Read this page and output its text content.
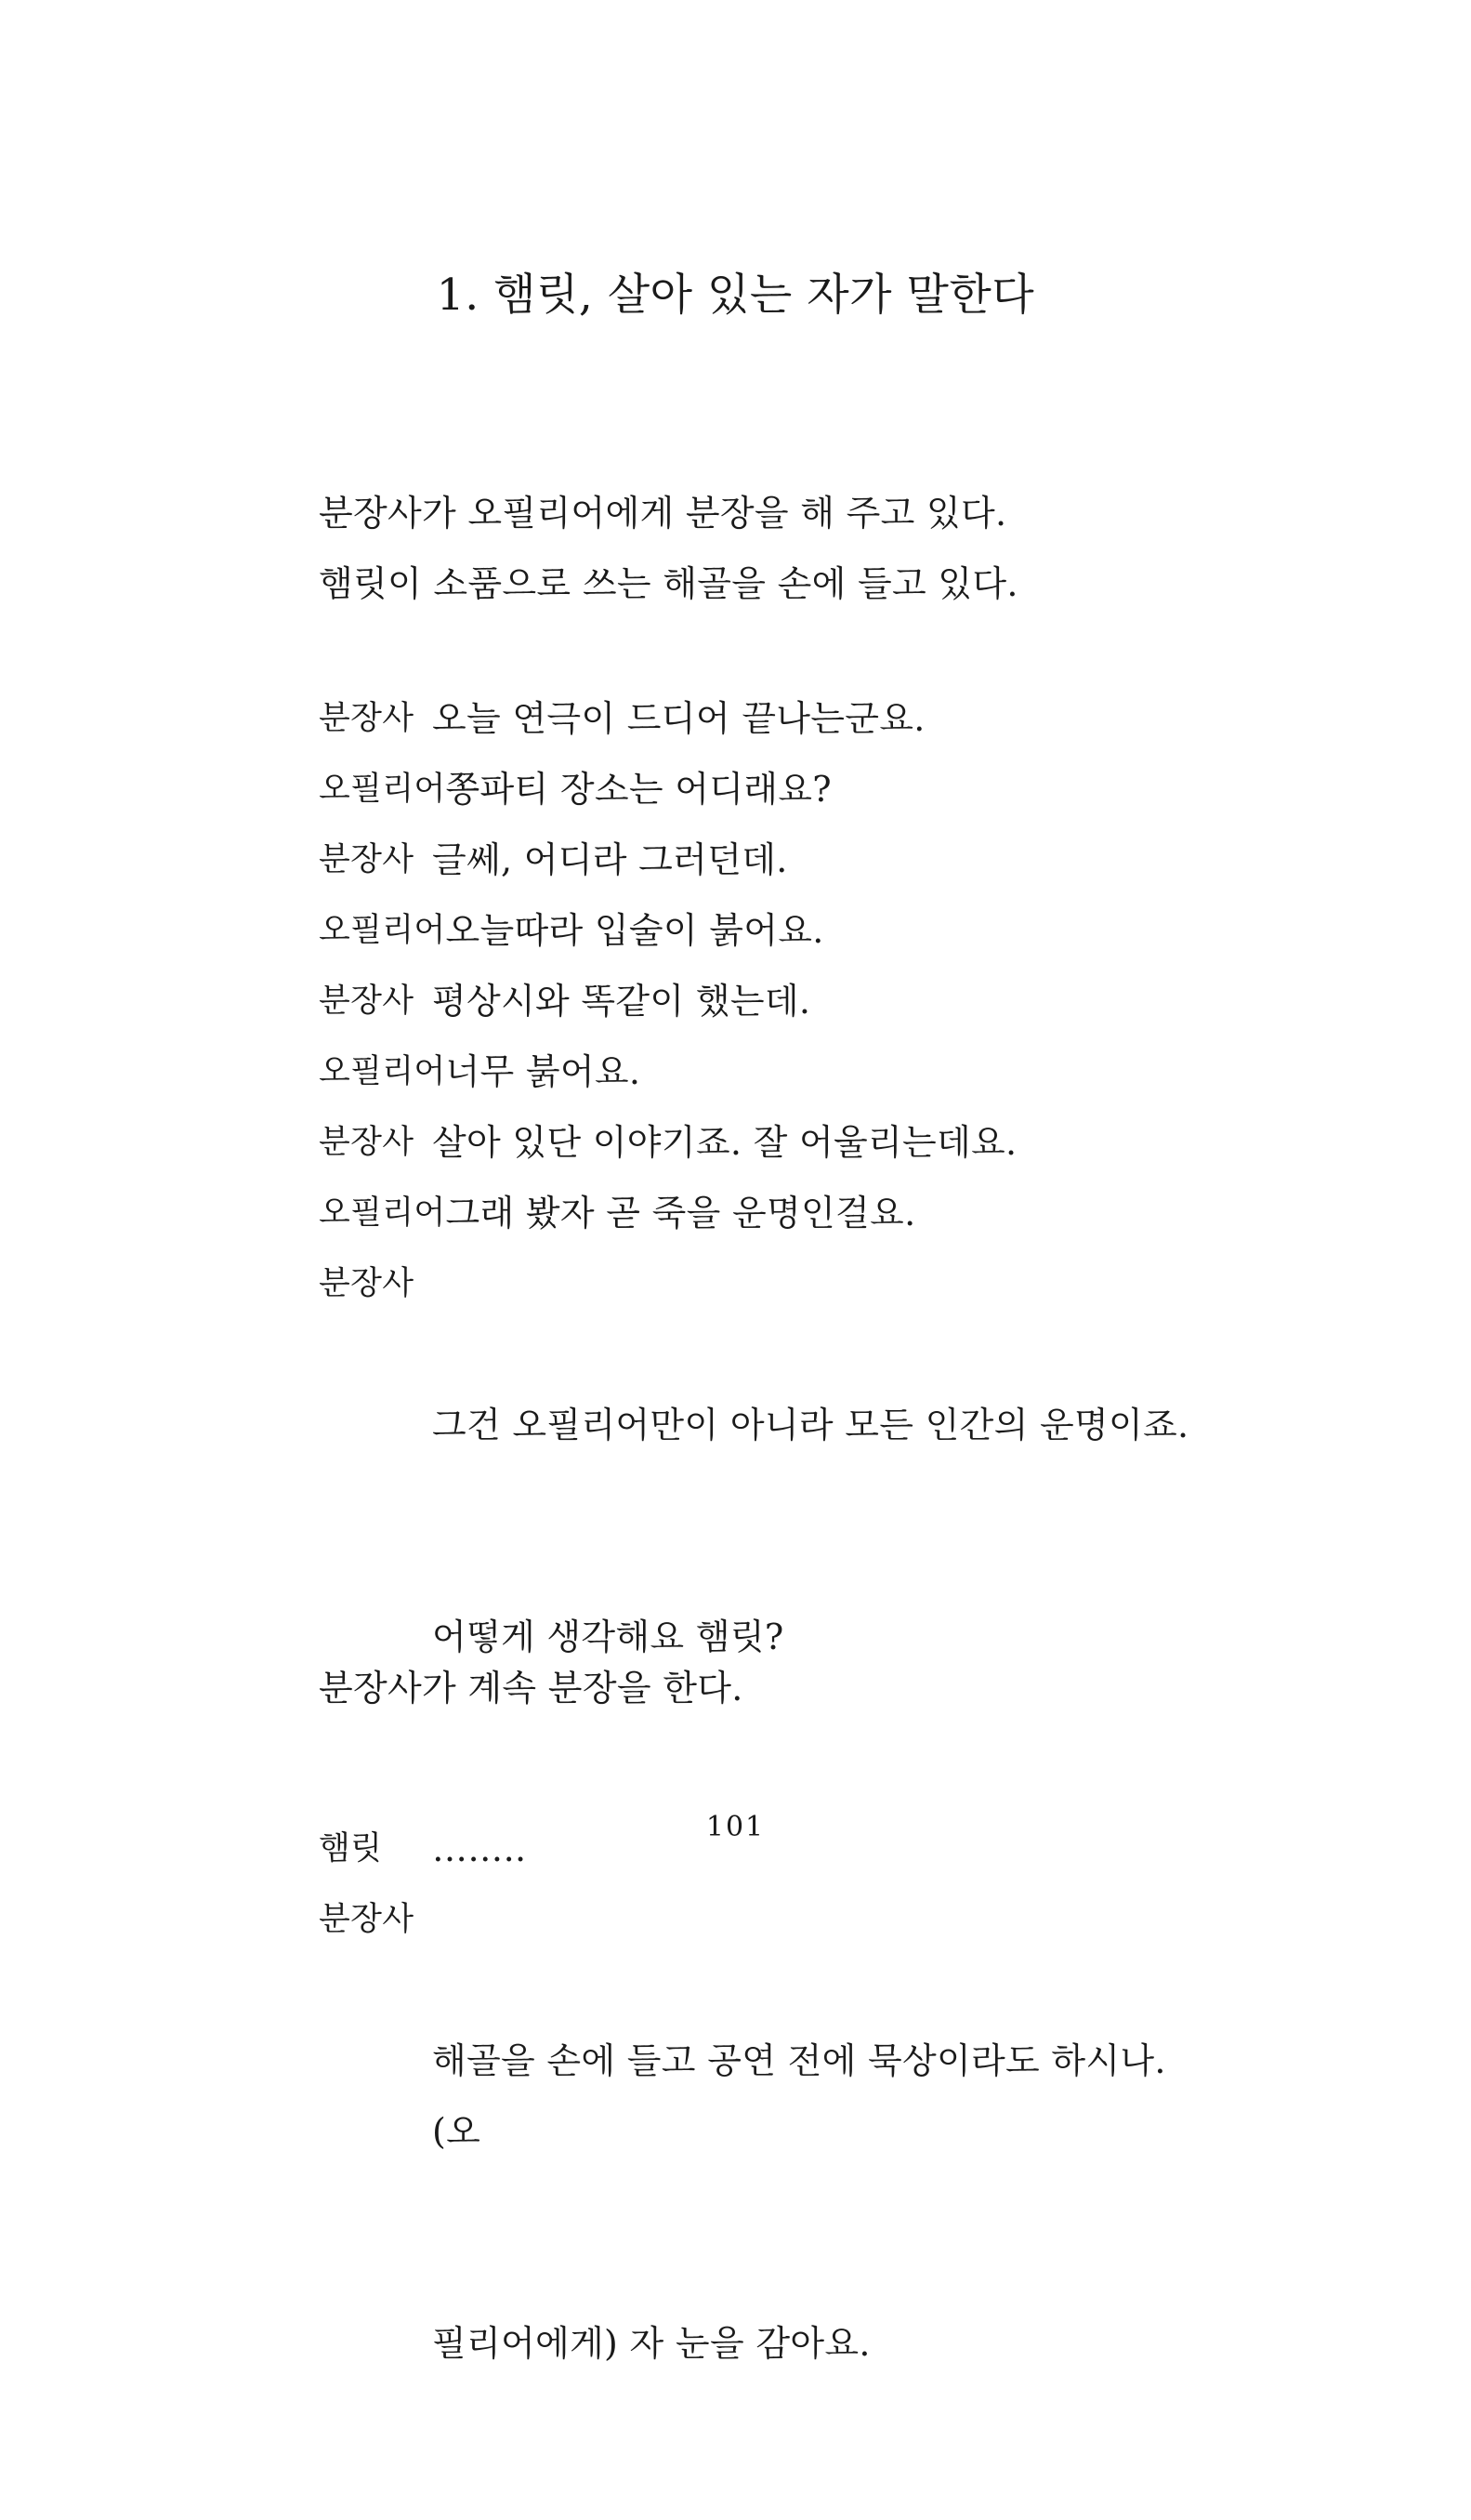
1. 햄릿, 살아 있는 자가 말한다

분장사가 오필리어에게 분장을 해 주고 있다.

햄릿이 소품으로 쓰는 해골을 손에 들고 있다.

분장사 오늘 연극이 드디어 끝나는군요.
오필리어 쫑파티 장소는 어디래요?
분장사 글쎄, 어디라 그러던데.
오필리어 오늘따라 입술이 붉어요.
분장사 평상시와 똑같이 했는데.
오필리어 너무 붉어요.
분장사 살아 있단 이야기죠. 잘 어울리는데요.
오필리어 그래 봤자 곧 죽을 운명인걸요.
분장사

그건 오필리어만이 아니라 모든 인간의 운명이죠.

어떻게 생각해요 햄릿?

햄릿	……..
분장사

해골을 손에 들고 공연 전에 묵상이라도 하시나. (오

필리어에게) 자 눈을 감아요.

분장사가 계속 분장을 한다.

101
